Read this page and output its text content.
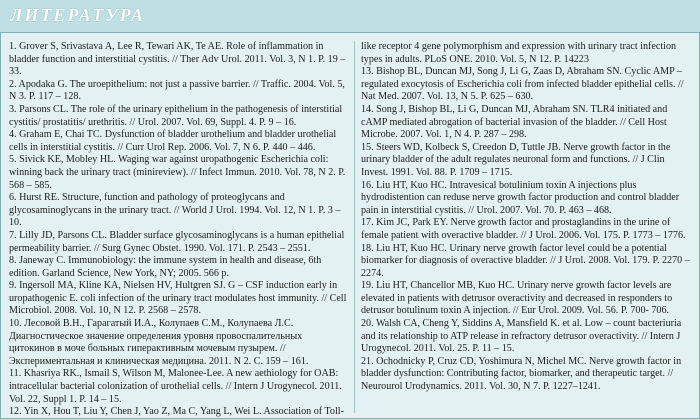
ЛИТЕРАТУРА
1. Grover S, Srivastava A, Lee R, Tewari AK, Te AE. Role of inflammation in bladder function and interstitial cystitis. // Ther Adv Urol. 2011. Vol. 3, N 1. P. 19 – 33.
2. Apodaka G. The uroepithelium: not just a passive barrier. // Traffic. 2004. Vol. 5, N 3. P. 117 – 128.
3. Parsons CL. The role of the urinary epithelium in the pathogenesis of interstitial cystitis/ prostatitis/ urethritis. // Urol. 2007. Vol. 69, Suppl. 4. P. 9 – 16.
4. Graham E, Chai TC. Dysfunction of bladder urothelium and bladder urothelial cells in interstitial cystitis. // Curr Urol Rep. 2006. Vol. 7, N 6. P. 440 – 446.
5. Sivick KE, Mobley HL. Waging war against uropathogenic Escherichia coli: winning back the urinary tract (minireview). // Infect Immun. 2010. Vol. 78, N 2. P. 568 – 585.
6. Hurst RE. Structure, function and pathology of proteoglycans and glycosaminoglycans in the urinary tract. // World J Urol. 1994. Vol. 12, N 1. P. 3 – 10.
7. Lilly JD, Parsons CL. Bladder surface glycosaminoglycans is a human epithelial permeability barrier. // Surg Gynec Obstet. 1990. Vol. 171. P. 2543 – 2551.
8. Janeway C. Immunobiology: the immune system in health and disease, 6th edition. Garland Science, New York, NY; 2005. 566 p.
9. Ingersoll MA, Kline KA, Nielsen HV, Hultgren SJ. G – CSF induction early in uropathogenic E. coli infection of the urinary tract modulates host immunity. // Cell Microbiol. 2008. Vol. 10, N 12. P. 2568 – 2578.
10. Лесовой В.Н., Гарагатый И.А., Колупаев С.М., Колупаева Л.С. Диагностическое значение определения уровня провоспалительных цитокинов в моче больных гиперактивным мочевым пузырем. // Экспериментальная и клиническая медицина. 2011. N 2. C. 159 – 161.
11. Khasriya RK., Ismail S, Wilson M, Malonee-Lee. A new aethiology for OAB: intracellular bacterial colonization of urothelial cells. // Intern J Urogynecol. 2011. Vol. 22, Suppl 1. P. 14 – 15.
12. Yin X, Hou T, Liu Y, Chen J, Yao Z, Ma C, Yang L, Wei L. Association of Toll-
like receptor 4 gene polymorphism and expression with urinary tract infection types in adults. PLoS ONE. 2010. Vol. 5, N 12. P. 14223
13. Bishop BL, Duncan MJ, Song J, Li G, Zaas D, Abraham SN. Cyclic AMP – regulated exocytosis of Escherichia coli from infected bladder epithelial cells. // Nat Med. 2007. Vol. 13, N 5. P. 625 – 630.
14. Song J, Bishop BL, Li G, Duncan MJ, Abraham SN. TLR4 initiated and cAMP mediated abrogation of bacterial invasion of the bladder. // Cell Host Microbe. 2007. Vol. 1, N 4. P. 287 – 298.
15. Steers WD, Kolbeck S, Creedon D, Tuttle JB. Nerve growth factor in the urinary bladder of the adult regulates neuronal form and functions. // J Clin Invest. 1991. Vol. 88. P. 1709 – 1715.
16. Liu HT, Kuo HC. Intravesical botulinium toxin A injections plus hydrodistention can reduse nerve growth factor production and control bladder pain in interstitial cystitis. // Urol. 2007. Vol. 70. P. 463 – 468.
17. Kim JC, Park EY. Nerve growth factor and prostaglandins in the urine of female patient with overactive bladder. // J Urol. 2006. Vol. 175. P. 1773 – 1776.
18. Liu HT, Kuo HC. Urinary nerve growth factor level could be a potential biomarker for diagnosis of overactive bladder. // J Urol. 2008. Vol. 179. P. 2270 – 2274.
19. Liu HT, Chancellor MB, Kuo HC. Urinary nerve growth factor levels are elevated in patients with detrusor overactivity and decreased in responders to detrusor botulinum toxin A injection. // Eur Urol. 2009. Vol. 56. P. 700- 706.
20. Walsh CA, Cheng Y, Siddins A, Mansfield K. et al. Low – count bacteriuria and its relationship to ATP release in refractory detrusor overactivity. // Intern J Urogynecol. 2011. Vol. 25. P. 11 – 15.
21. Ochodnicky P, Cruz CD, Yoshimura N, Michel MC. Nerve growth factor in bladder dysfunction: Contributing factor, biomarker, and therapeutic target. // Neurourol Urodynamics. 2011. Vol. 30, N 7. P. 1227–1241.
